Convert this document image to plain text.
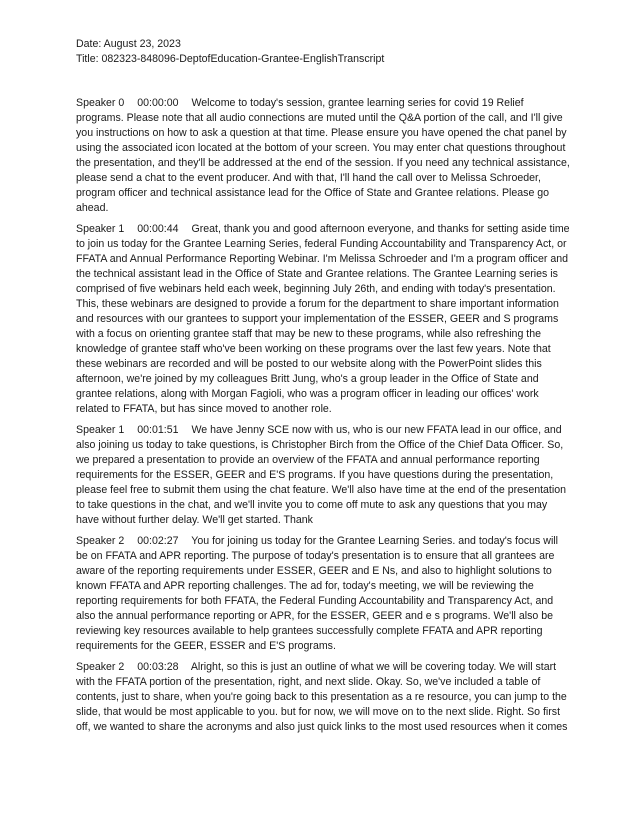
Date: August 23, 2023

Title: 082323-848096-DeptofEducation-Grantee-EnglishTranscript

Speaker 0 00:00:00 Welcome to today's session, grantee learning series for covid 19 Relief programs. Please note that all audio connections are muted until the Q&A portion of the call, and I'll give you instructions on how to ask a question at that time. Please ensure you have opened the chat panel by using the associated icon located at the bottom of your screen. You may enter chat questions throughout the presentation, and they'll be addressed at the end of the session. If you need any technical assistance, please send a chat to the event producer. And with that, I'll hand the call over to Melissa Schroeder, program officer and technical assistance lead for the Office of State and Grantee relations. Please go ahead.

Speaker 1 00:00:44 Great, thank you and good afternoon everyone, and thanks for setting aside time to join us today for the Grantee Learning Series, federal Funding Accountability and Transparency Act, or FFATA and Annual Performance Reporting Webinar. I'm Melissa Schroeder and I'm a program officer and the technical assistant lead in the Office of State and Grantee relations. The Grantee Learning series is comprised of five webinars held each week, beginning July 26th, and ending with today's presentation. This, these webinars are designed to provide a forum for the department to share important information and resources with our grantees to support your implementation of the ESSER, GEER and S programs with a focus on orienting grantee staff that may be new to these programs, while also refreshing the knowledge of grantee staff who've been working on these programs over the last few years. Note that these webinars are recorded and will be posted to our website along with the PowerPoint slides this afternoon, we're joined by my colleagues Britt Jung, who's a group leader in the Office of State and grantee relations, along with Morgan Fagioli, who was a program officer in leading our offices' work related to FFATA, but has since moved to another role.

Speaker 1 00:01:51 We have Jenny SCE now with us, who is our new FFATA lead in our office, and also joining us today to take questions, is Christopher Birch from the Office of the Chief Data Officer. So, we prepared a presentation to provide an overview of the FFATA and annual performance reporting requirements for the ESSER, GEER and E'S programs. If you have questions during the presentation, please feel free to submit them using the chat feature. We'll also have time at the end of the presentation to take questions in the chat, and we'll invite you to come off mute to ask any questions that you may have without further delay. We'll get started. Thank

Speaker 2 00:02:27 You for joining us today for the Grantee Learning Series. and today's focus will be on FFATA and APR reporting. The purpose of today's presentation is to ensure that all grantees are aware of the reporting requirements under ESSER, GEER and E Ns, and also to highlight solutions to known FFATA and APR reporting challenges. The ad for, today's meeting, we will be reviewing the reporting requirements for both FFATA, the Federal Funding Accountability and Transparency Act, and also the annual performance reporting or APR, for the ESSER, GEER and e s programs. We'll also be reviewing key resources available to help grantees successfully complete FFATA and APR reporting requirements for the GEER, ESSER and E'S programs.

Speaker 2 00:03:28 Alright, so this is just an outline of what we will be covering today. We will start with the FFATA portion of the presentation, right, and next slide. Okay. So, we've included a table of contents, just to share, when you're going back to this presentation as a re resource, you can jump to the slide, that would be most applicable to you. but for now, we will move on to the next slide. Right. So first off, we wanted to share the acronyms and also just quick links to the most used resources when it comes
